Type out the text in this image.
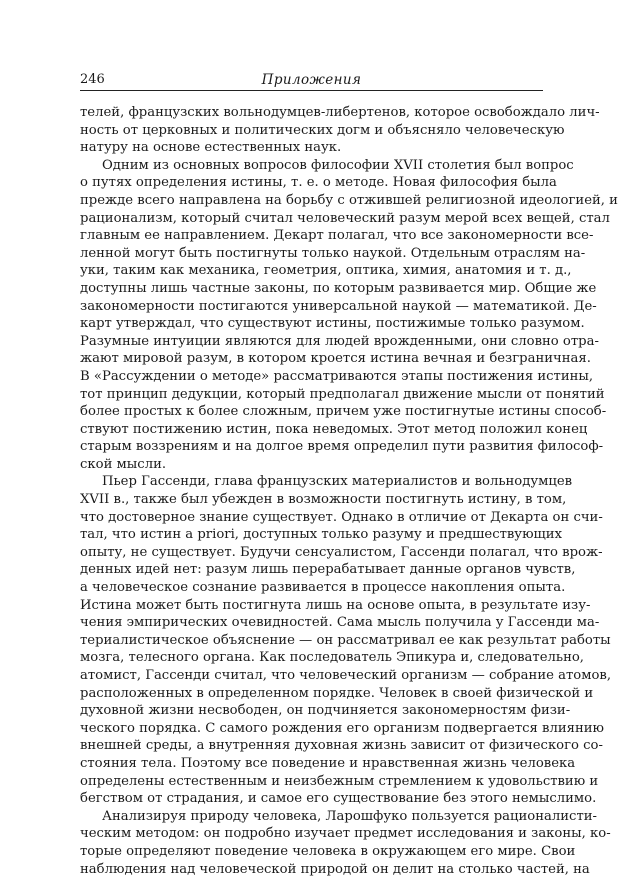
246	Приложения
телей, французских вольнодумцев-либертенов, которое освобождало лич-
ность от церковных и политических догм и объясняло человеческую
натуру на основе естественных наук.
Одним из основных вопросов философии XVII столетия был вопрос
о путях определения истины, т. е. о методе. Новая философия была
прежде всего направлена на борьбу с отжившей религиозной идеологией, и
рационализм, который считал человеческий разум мерой всех вещей, стал
главным ее направлением. Декарт полагал, что все закономерности все-
ленной могут быть постигнуты только наукой. Отдельным отраслям на-
уки, таким как механика, геометрия, оптика, химия, анатомия и т. д.,
доступны лишь частные законы, по которым развивается мир. Общие же
закономерности постигаются универсальной наукой — математикой. Де-
карт утверждал, что существуют истины, постижимые только разумом.
Разумные интуиции являются для людей врожденными, они словно отра-
жают мировой разум, в котором кроется истина вечная и безграничная.
В «Рассуждении о методе» рассматриваются этапы постижения истины,
тот принцип дедукции, который предполагал движение мысли от понятий
более простых к более сложным, причем уже постигнутые истины способ-
ствуют постижению истин, пока неведомых. Этот метод положил конец
старым воззрениям и на долгое время определил пути развития философ-
ской мысли.
Пьер Гассенди, глава французских материалистов и вольнодумцев
XVII в., также был убежден в возможности постигнуть истину, в том,
что достоверное знание существует. Однако в отличие от Декарта он счи-
тал, что истин a priori, доступных только разуму и предшествующих
опыту, не существует. Будучи сенсуалистом, Гассенди полагал, что врож-
денных идей нет: разум лишь перерабатывает данные органов чувств,
а человеческое сознание развивается в процессе накопления опыта.
Истина может быть постигнута лишь на основе опыта, в результате изу-
чения эмпирических очевидностей. Сама мысль получила у Гассенди ма-
териалистическое объяснение — он рассматривал ее как результат работы
мозга, телесного органа. Как последователь Эпикура и, следовательно,
атомист, Гассенди считал, что человеческий организм — собрание атомов,
расположенных в определенном порядке. Человек в своей физической и
духовной жизни несвободен, он подчиняется закономерностям физи-
ческого порядка. С самого рождения его организм подвергается влиянию
внешней среды, а внутренняя духовная жизнь зависит от физического со-
стояния тела. Поэтому все поведение и нравственная жизнь человека
определены естественным и неизбежным стремлением к удовольствию и
бегством от страдания, и самое его существование без этого немыслимо.
Анализируя природу человека, Ларошфуко пользуется рационалисти-
ческим методом: он подробно изучает предмет исследования и законы, ко-
торые определяют поведение человека в окружающем его мире. Свои
наблюдения над человеческой природой он делит на столько частей, на
